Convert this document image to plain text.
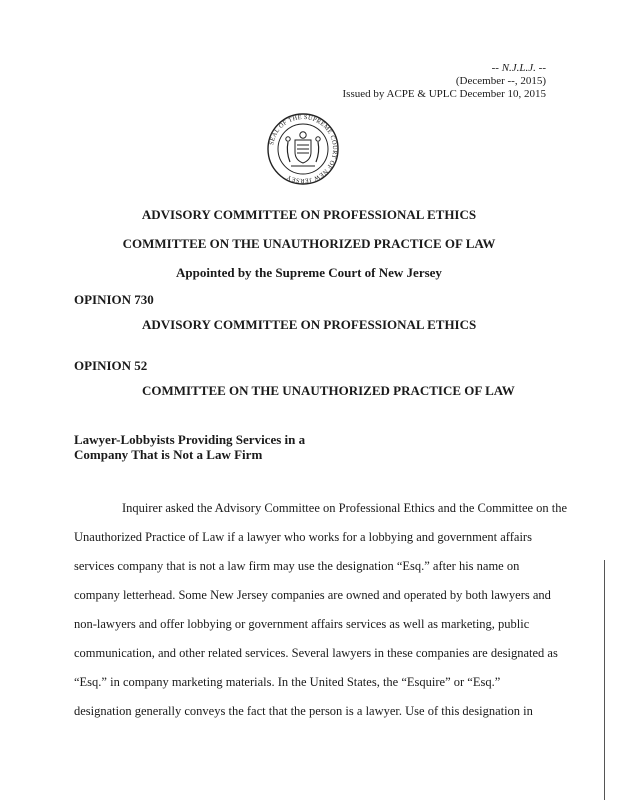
-- N.J.L.J. --
(December --, 2015)
Issued by ACPE & UPLC December 10, 2015
SEAL OF THE SUPREME COURT OF NEW JERSEY
ADVISORY COMMITTEE ON PROFESSIONAL ETHICS
COMMITTEE ON THE UNAUTHORIZED PRACTICE OF LAW
Appointed by the Supreme Court of New Jersey
OPINION 730
ADVISORY COMMITTEE ON PROFESSIONAL ETHICS
OPINION 52
COMMITTEE ON THE UNAUTHORIZED PRACTICE OF LAW
Lawyer-Lobbyists Providing Services in a
Company That is Not a Law Firm
Inquirer asked the Advisory Committee on Professional Ethics and the Committee on the
Unauthorized Practice of Law if a lawyer who works for a lobbying and government affairs
services company that is not a law firm may use the designation “Esq.” after his name on
company letterhead. Some New Jersey companies are owned and operated by both lawyers and
non-lawyers and offer lobbying or government affairs services as well as marketing, public
communication, and other related services. Several lawyers in these companies are designated as
“Esq.” in company marketing materials. In the United States, the “Esquire” or “Esq.”
designation generally conveys the fact that the person is a lawyer. Use of this designation in
